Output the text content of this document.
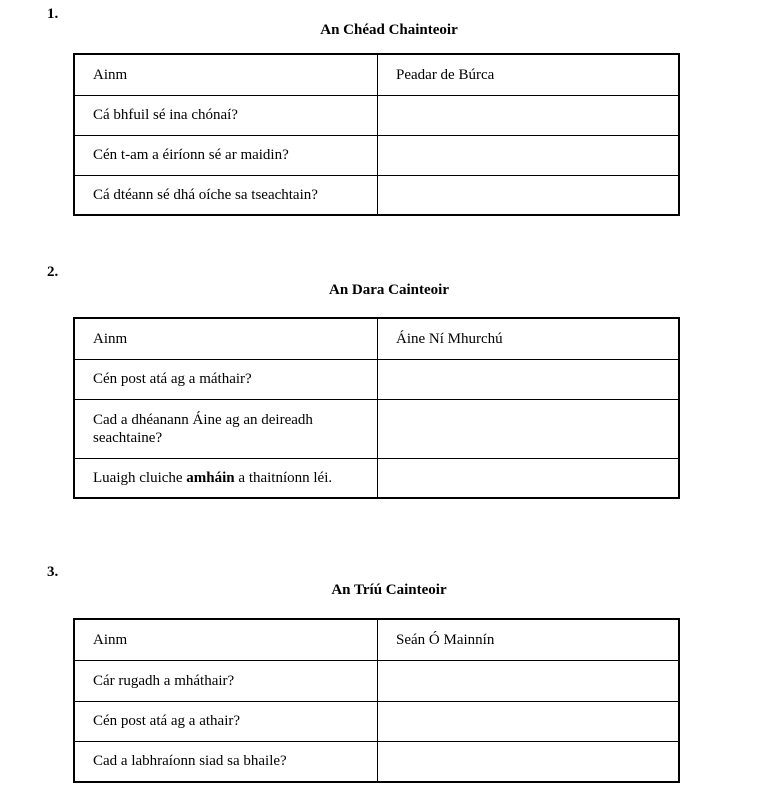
1.
An Chéad Chainteoir
Ainm	Peadar de Búrca
Cá bhfuil sé ina chónaí?	
Cén t-am a éiríonn sé ar maidin?	
Cá dtéann sé dhá oíche sa tseachtain?	
2.
An Dara Cainteoir
Ainm	Áine Ní Mhurchú
Cén post atá ag a máthair?	
Cad a dhéanann Áine ag an deireadh seachtaine?	
Luaigh cluiche amháin a thaitníonn léi.	
3.
An Tríú Cainteoir
Ainm	Seán Ó Mainnín
Cár rugadh a mháthair?	
Cén post atá ag a athair?	
Cad a labhraíonn siad sa bhaile?	
